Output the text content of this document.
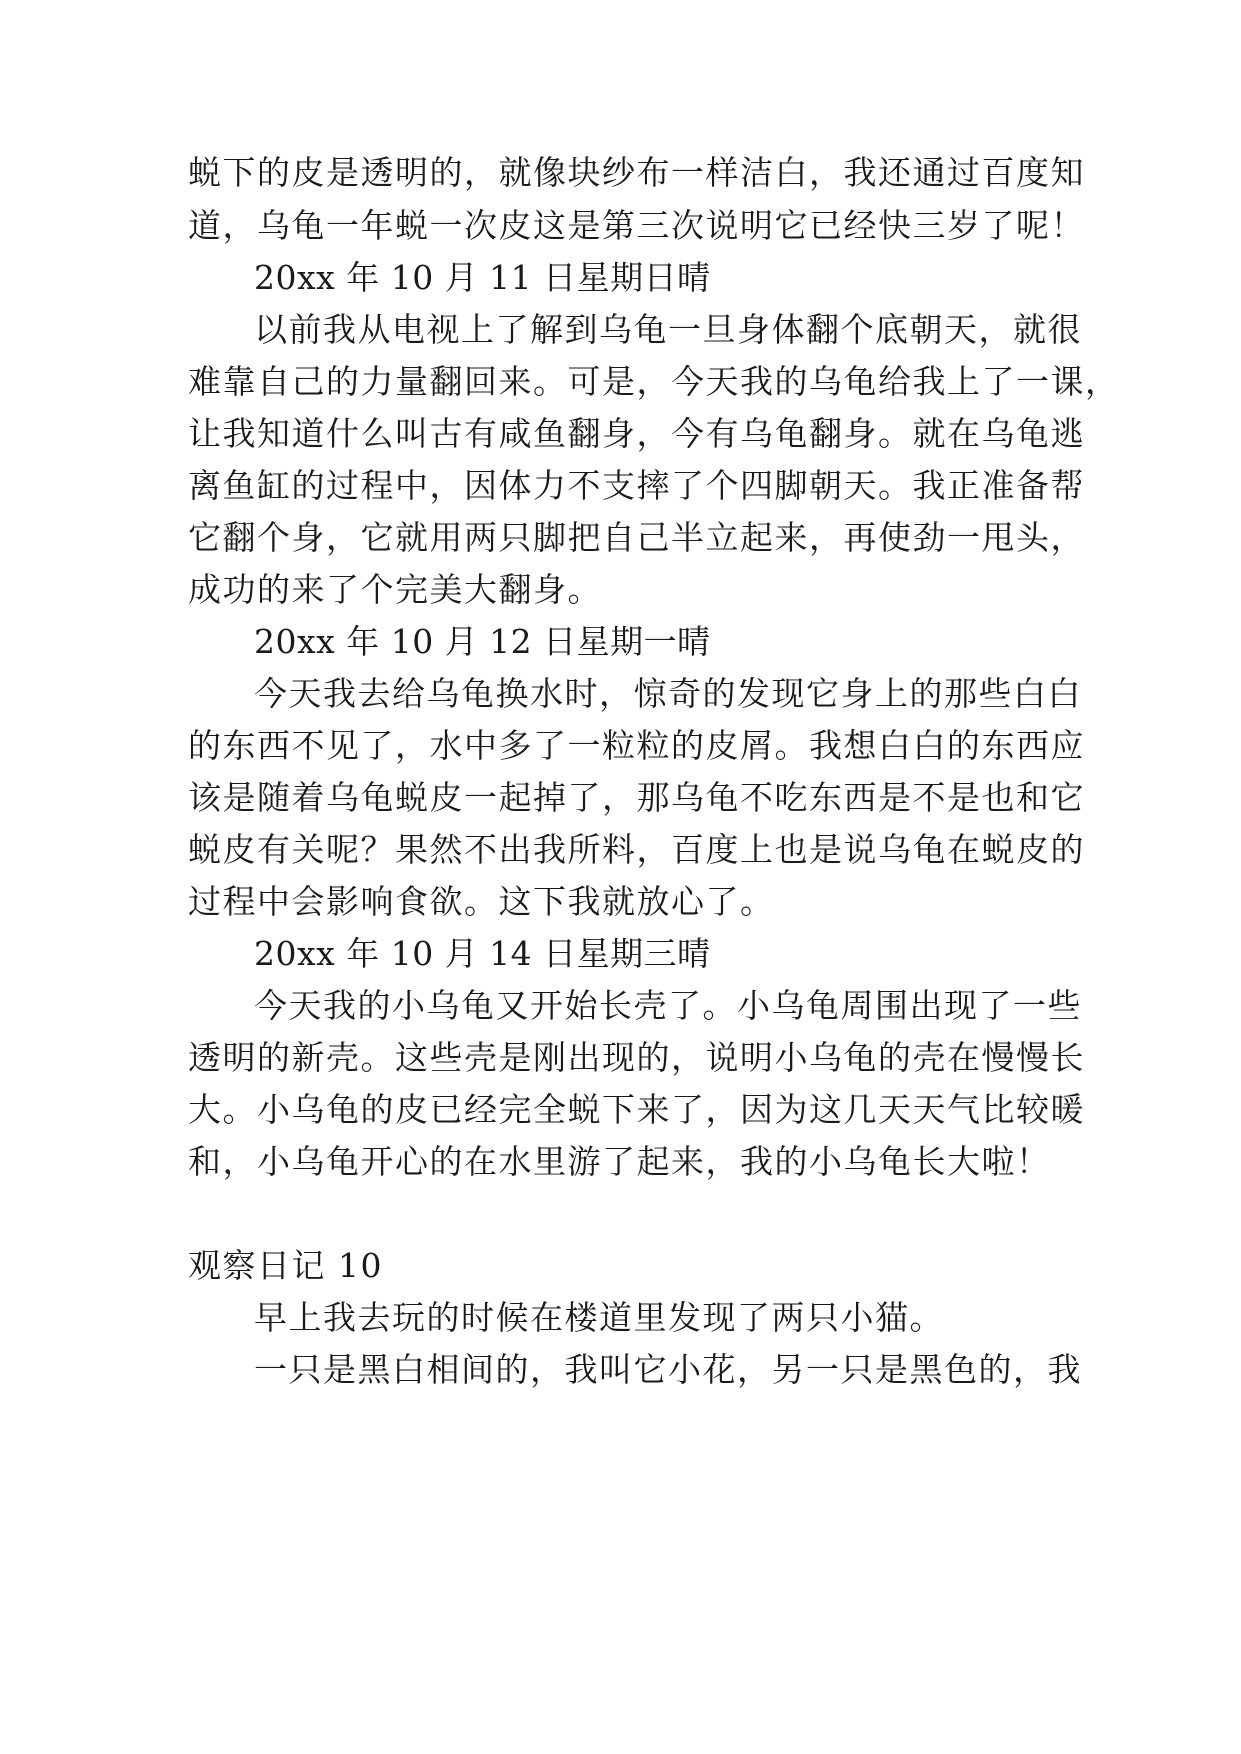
蜕下的皮是透明的，就像块纱布一样洁白，我还通过百度知
道，乌龟一年蜕一次皮这是第三次说明它已经快三岁了呢！
20xx 年 10 月 11 日星期日晴
以前我从电视上了解到乌龟一旦身体翻个底朝天，就很
难靠自己的力量翻回来。可是，今天我的乌龟给我上了一课，
让我知道什么叫古有咸鱼翻身，今有乌龟翻身。就在乌龟逃
离鱼缸的过程中，因体力不支摔了个四脚朝天。我正准备帮
它翻个身，它就用两只脚把自己半立起来，再使劲一甩头，
成功的来了个完美大翻身。
20xx 年 10 月 12 日星期一晴
今天我去给乌龟换水时，惊奇的发现它身上的那些白白
的东西不见了，水中多了一粒粒的皮屑。我想白白的东西应
该是随着乌龟蜕皮一起掉了，那乌龟不吃东西是不是也和它
蜕皮有关呢？果然不出我所料，百度上也是说乌龟在蜕皮的
过程中会影响食欲。这下我就放心了。
20xx 年 10 月 14 日星期三晴
今天我的小乌龟又开始长壳了。小乌龟周围出现了一些
透明的新壳。这些壳是刚出现的，说明小乌龟的壳在慢慢长
大。小乌龟的皮已经完全蜕下来了，因为这几天天气比较暖
和，小乌龟开心的在水里游了起来，我的小乌龟长大啦！
观察日记 10
早上我去玩的时候在楼道里发现了两只小猫。
一只是黑白相间的，我叫它小花，另一只是黑色的，我
